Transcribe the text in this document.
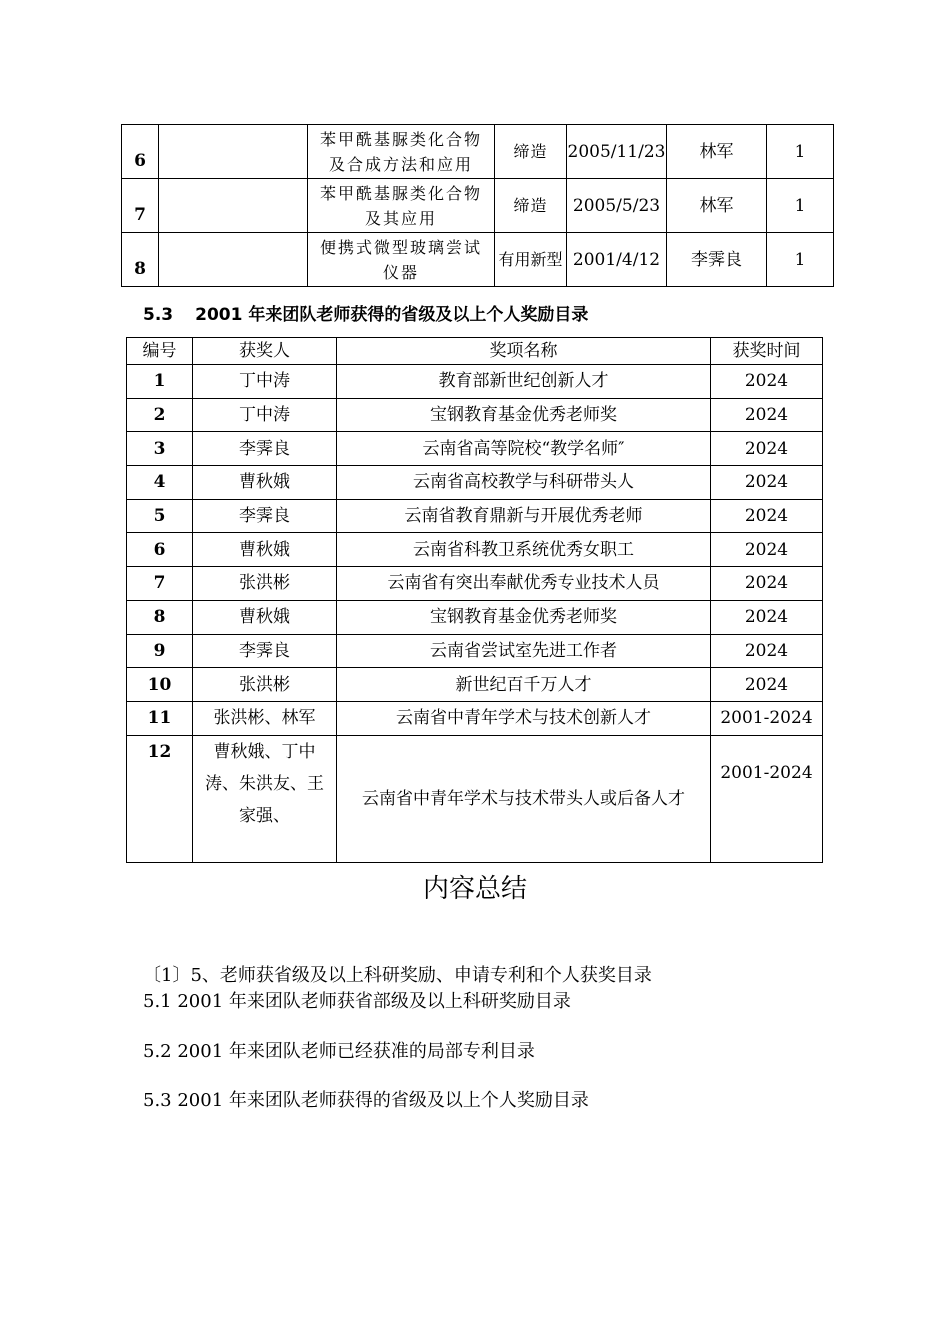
6		苯甲酰基脲类化合物及合成方法和应用	缔造	2005/11/23	林军	1
7		苯甲酰基脲类化合物及其应用	缔造	2005/5/23	林军	1
8		便携式微型玻璃尝试仪器	有用新型	2001/4/12	李霁良	1
5.3 2001 年来团队老师获得的省级及以上个人奖励目录
编号	获奖人	奖项名称	获奖时间
1	丁中涛	教育部新世纪创新人才	2024
2	丁中涛	宝钢教育基金优秀老师奖	2024
3	李霁良	云南省高等院校“教学名师″	2024
4	曹秋娥	云南省高校教学与科研带头人	2024
5	李霁良	云南省教育鼎新与开展优秀老师	2024
6	曹秋娥	云南省科教卫系统优秀女职工	2024
7	张洪彬	云南省有突出奉献优秀专业技术人员	2024
8	曹秋娥	宝钢教育基金优秀老师奖	2024
9	李霁良	云南省尝试室先进工作者	2024
10	张洪彬	新世纪百千万人才	2024
11	张洪彬、林军	云南省中青年学术与技术创新人才	2001-2024
12	曹秋娥、丁中涛、朱洪友、王家强、	云南省中青年学术与技术带头人或后备人才	2001-2024
内容总结
〔1〕5、老师获省级及以上科研奖励、申请专利和个人获奖目录
5.1 2001 年来团队老师获省部级及以上科研奖励目录
5.2 2001 年来团队老师已经获准的局部专利目录
5.3 2001 年来团队老师获得的省级及以上个人奖励目录
